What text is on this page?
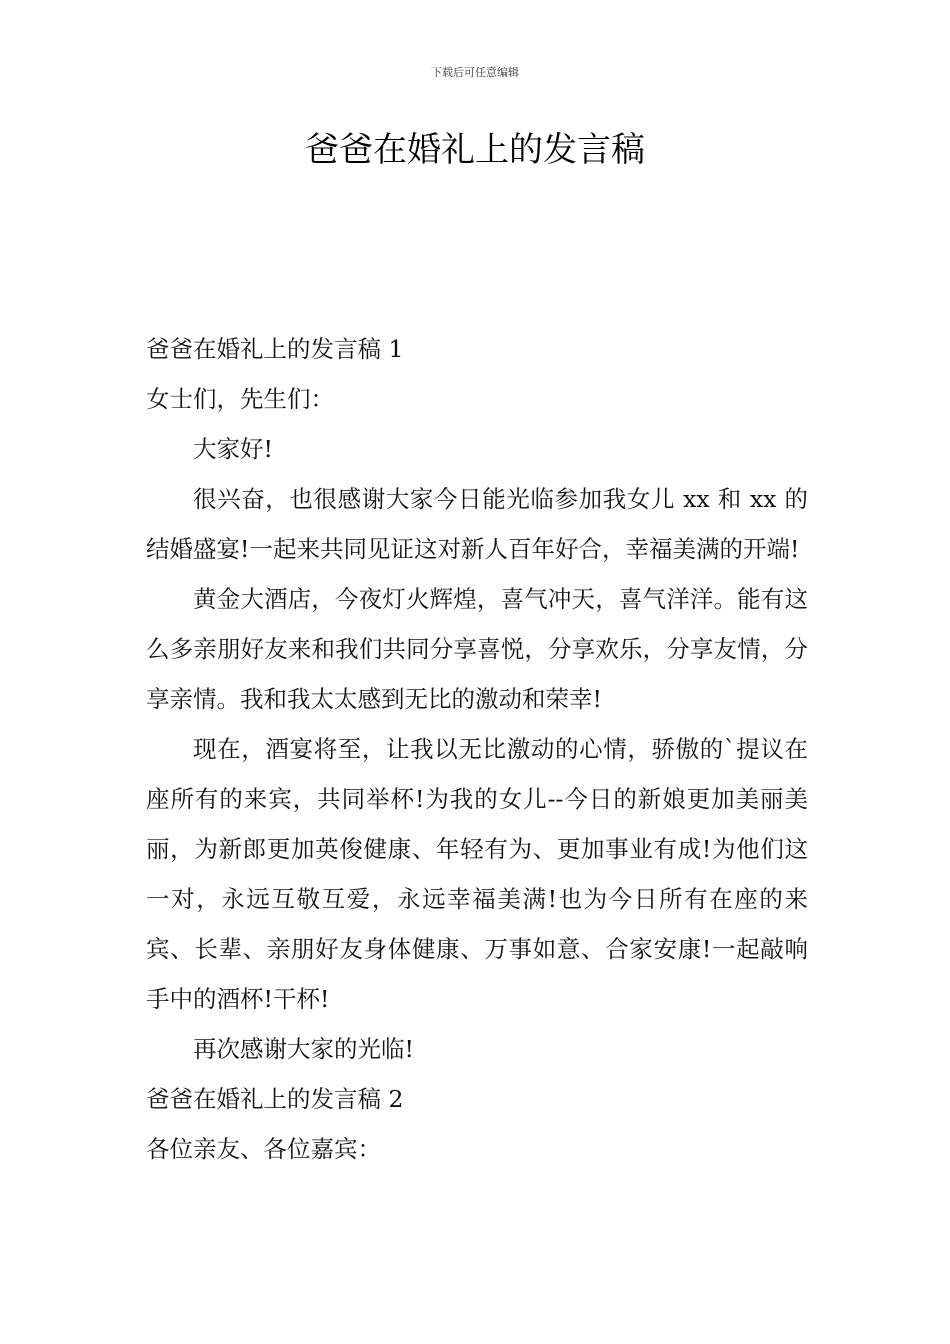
下载后可任意编辑
爸爸在婚礼上的发言稿

爸爸在婚礼上的发言稿 1

女士们，先生们：

大家好!

很兴奋，也很感谢大家今日能光临参加我女儿 xx 和 xx 的结婚盛宴!一起来共同见证这对新人百年好合，幸福美满的开端!

黄金大酒店，今夜灯火辉煌，喜气冲天，喜气洋洋。能有这么多亲朋好友来和我们共同分享喜悦，分享欢乐，分享友情，分享亲情。我和我太太感到无比的激动和荣幸!

现在，酒宴将至，让我以无比激动的心情，骄傲的`提议在座所有的来宾，共同举杯!为我的女儿--今日的新娘更加美丽美丽，为新郎更加英俊健康、年轻有为、更加事业有成!为他们这一对，永远互敬互爱，永远幸福美满!也为今日所有在座的来宾、长辈、亲朋好友身体健康、万事如意、合家安康!一起敲响手中的酒杯!干杯!

再次感谢大家的光临!

爸爸在婚礼上的发言稿 2

各位亲友、各位嘉宾：
